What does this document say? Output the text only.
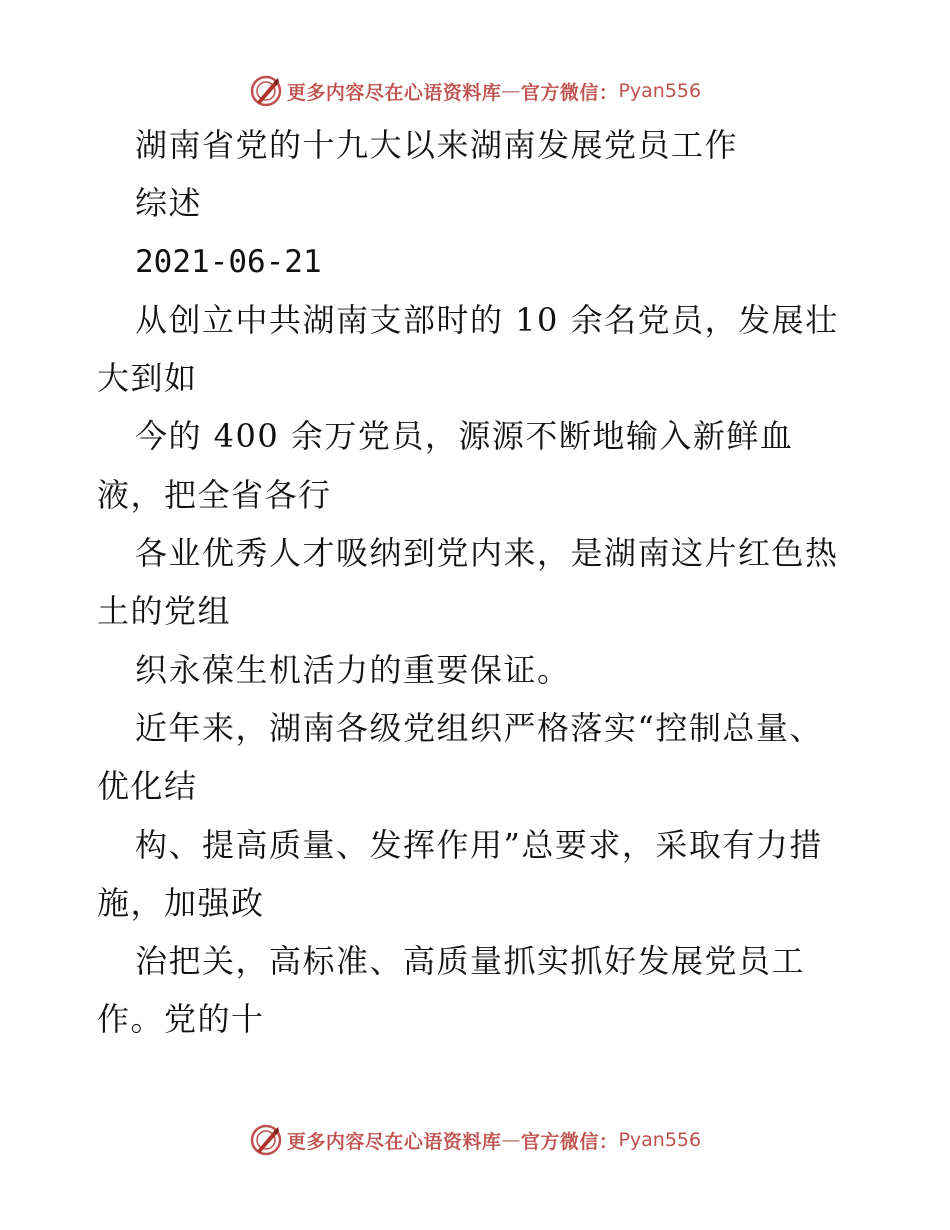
更多内容尽在心语资料库 — 官方微信： Pyan556
湖南省党的十九大以来湖南发展党员工作
综述
2021-06-21
从创立中共湖南支部时的 10 余名党员，发展壮
大到如
今的 400 余万党员，源源不断地输入新鲜血
液，把全省各行
各业优秀人才吸纳到党内来，是湖南这片红色热
土的党组
织永葆生机活力的重要保证。
近年来，湖南各级党组织严格落实“控制总量、
优化结
构、提高质量、发挥作用”总要求，采取有力措
施，加强政
治把关，高标准、高质量抓实抓好发展党员工
作。党的十
更多内容尽在心语资料库 — 官方微信： Pyan556
